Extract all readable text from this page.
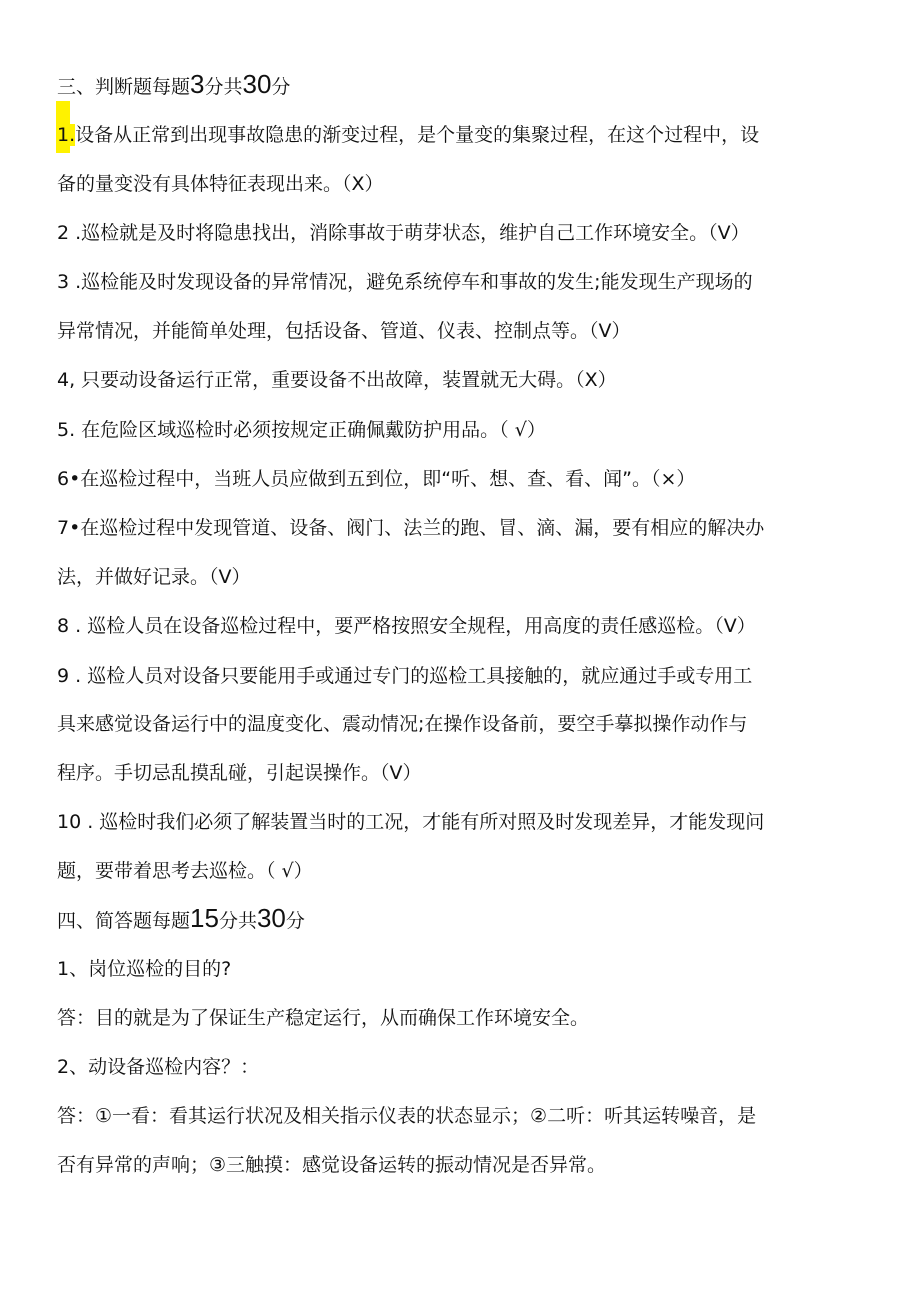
三、判断题每题3分共30分
1.设备从正常到出现事故隐患的渐变过程，是个量变的集聚过程，在这个过程中，设
备的量变没有具体特征表现出来。（X）
2 .巡检就是及时将隐患找出，消除事故于萌芽状态，维护自己工作环境安全。（V）
3 .巡检能及时发现设备的异常情况，避免系统停车和事故的发生;能发现生产现场的
异常情况，并能简单处理，包括设备、管道、仪表、控制点等。（V）
4, 只要动设备运行正常，重要设备不出故障，装置就无大碍。（X）
5. 在危险区域巡检时必须按规定正确佩戴防护用品。（ √）
6•在巡检过程中，当班人员应做到五到位，即“听、想、查、看、闻”。（×）
7•在巡检过程中发现管道、设备、阀门、法兰的跑、冒、滴、漏，要有相应的解决办
法，并做好记录。（V）
8 . 巡检人员在设备巡检过程中，要严格按照安全规程，用高度的责任感巡检。（V）
9 . 巡检人员对设备只要能用手或通过专门的巡检工具接触的，就应通过手或专用工
具来感觉设备运行中的温度变化、震动情况;在操作设备前，要空手摹拟操作动作与
程序。手切忌乱摸乱碰，引起误操作。（V）
10 . 巡检时我们必须了解装置当时的工况，才能有所对照及时发现差异，才能发现问
题，要带着思考去巡检。（ √）
四、简答题每题15分共30分
1、岗位巡检的目的?
答：目的就是为了保证生产稳定运行，从而确保工作环境安全。
2、动设备巡检内容？：
答：①一看：看其运行状况及相关指示仪表的状态显示；②二听：听其运转噪音，是
否有异常的声响；③三触摸：感觉设备运转的振动情况是否异常。
